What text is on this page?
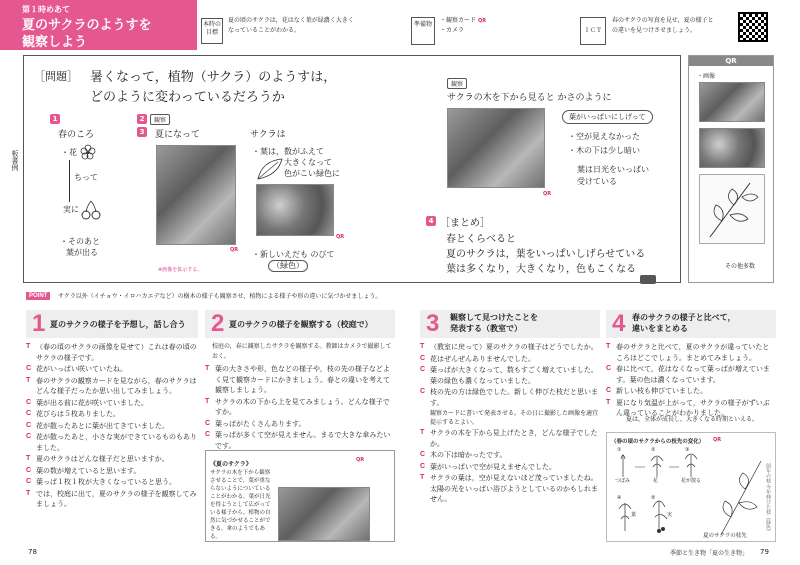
第１時めあて
夏のサクラのようすを
観察しよう
本時の目標
夏の頃のサクラは，花はなく葉が緑濃く大きく
なっていることがわかる。
準備物
・観察カード QR
・カメラ	ＩＣＴ
春のサクラの写真を見せ，夏の様子と
の違いを見つけさせましょう。
板書例
［問題］ 暑くなって，植物（サクラ）のようすは，
どのように変わっているだろうか
1
春のころ
・花
ちって
実に
・そのあと
葉が出る
2	観察
3 夏になって	サクラは
・葉は，数がふえて
大きくなって
色がこい緑色に
QR
・新しいえだも のびて
（緑色）
※画像を拡示する。
QR
観察
サクラの木を下から見ると かさのように
QR
葉がいっぱいにしげって
・空が見えなかった
・木の下は少し暗い
葉は日光をいっぱい
受けている
4 ［まとめ］
春とくらべると
夏のサクラは，葉をいっぱいしげらせている
葉は多くなり，大きくなり，色もこくなる
QR
・画像
その他多数
POINT	サクラ以外（イチョウ・イロハカエデなど）の樹木の様子も観察させ，植物による様子や形の違いに気づかせましょう。
1 夏のサクラの様子を予想し，話し合う
T （春の頃のサクラの画像を見せて）これは春の頃のサクラの様子です。
C 花がいっぱい咲いていたね。
T 春のサクラの観察カードを見ながら，春のサクラはどんな様子だったか思い出してみましょう。
C 葉が出る前に花が咲いていました。
C 花びらは５枚ありました。
C 花が散ったあとに葉が出てきていました。
C 花が散ったあと，小さな実ができているものもありました。
T 夏のサクラはどんな様子だと思いますか。
C 葉の数が増えていると思います。
C 葉っぱ１枚１枚が大きくなっていると思う。
T では，校庭に出て，夏のサクラの様子を観察してみましょう。
2 夏のサクラの様子を観察する（校庭で）
校庭の，春に観察したサクラを観察する。教師はカメラで撮影しておく。
T 葉の大きさや形，色などの様子や，枝の先の様子などよく見て観察カードにかきましょう。春との違いを考えて観察しましょう。
T サクラの木の下から上を見てみましょう。どんな様子ですか。
C 葉っぱがたくさんあります。
C 葉っぱが多くて空が見えません。まるで大きな傘みたいです。
《夏のサクラ》
サクラの木を下から観察させることで，葉が重ならないようについていることがわかる。葉が日光を得ようとして広がっている様子から，植物の自然に気づかせることができる。傘のようでもある。
QR
3 観察して見つけたことを
発表する（教室で）
T （教室に戻って）夏のサクラの様子はどうでしたか。
C 花はぜんぜんありませんでした。
C 葉っぱが大きくなって，数もすごく増えていました。葉の緑色も濃くなっていました。
C 枝の先の方は緑色でした。新しく伸びた枝だと思います。
観察カードに書いて発表させる。その日に撮影した画像を適宜提示するとよい。
T サクラの木を下から見上げたとき，どんな様子でしたか。
C 木の下は暗かったです。
C 葉がいっぱいで空が見えませんでした。
T サクラの葉は，空が見えないほど茂っていましたね。太陽の光をいっぱい浴びようとしているのかもしれません。
4 春のサクラの様子と比べて，
違いをまとめる
T 春のサクラと比べて，夏のサクラが違っていたところはどこでしょう。まとめてみましょう。
C 春に比べて，花はなくなって葉っぱが増えています。葉の色は濃くなっています。
C 新しい枝も伸びていました。
T 夏になり気温が上がって，サクラの様子がずいぶん違っていることがわかりました。
夏は，全体が成長し，大きくなる時期といえる。
（春の頃のサクラからの枝先の変化） QR
①
つぼみ
②
花
③
花が散る
④
葉
⑤
実	前年の枝 今年伸びた枝（緑色）
夏のサクラの枝先
78	季節と生き物「夏の生き物」 79
